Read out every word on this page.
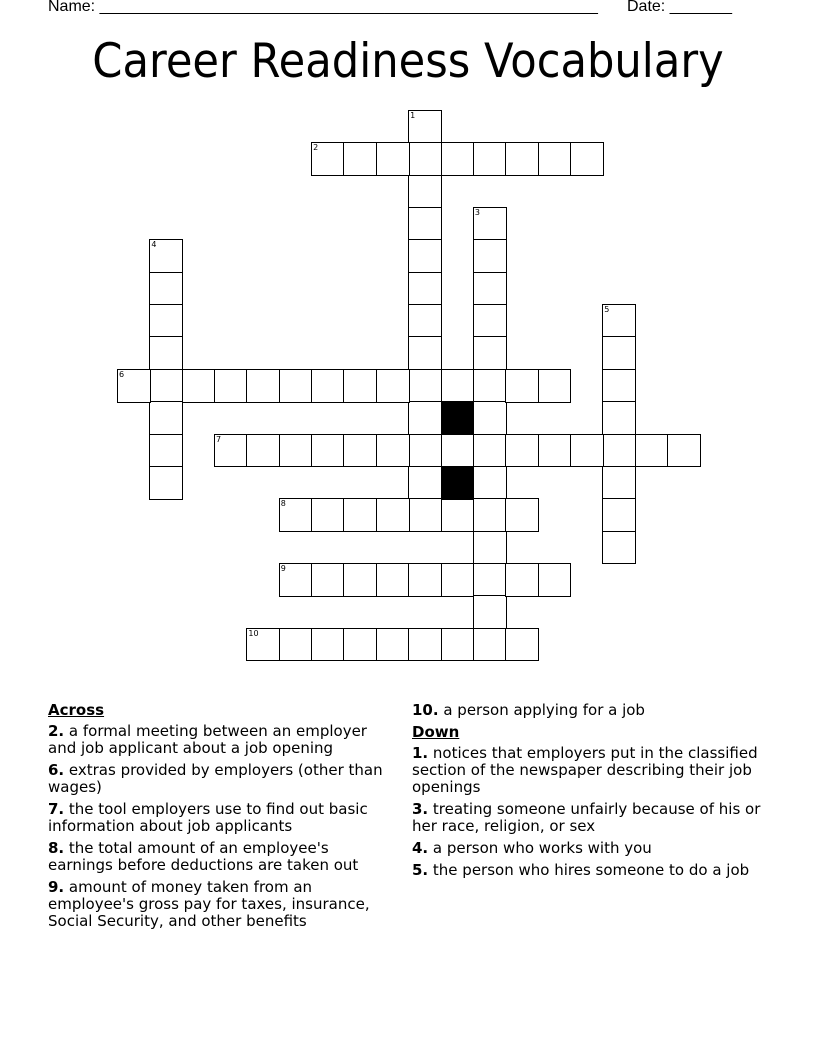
Name: ________________________________________________________ Date: _______
Career Readiness Vocabulary
1
2
3
4
5
6
7
8
9
10
Across
2. a formal meeting between an employer and job applicant about a job opening
6. extras provided by employers (other than wages)
7. the tool employers use to find out basic information about job applicants
8. the total amount of an employee's earnings before deductions are taken out
9. amount of money taken from an employee's gross pay for taxes, insurance, Social Security, and other benefits
10. a person applying for a job
Down
1. notices that employers put in the classified section of the newspaper describing their job openings
3. treating someone unfairly because of his or her race, religion, or sex
4. a person who works with you
5. the person who hires someone to do a job
